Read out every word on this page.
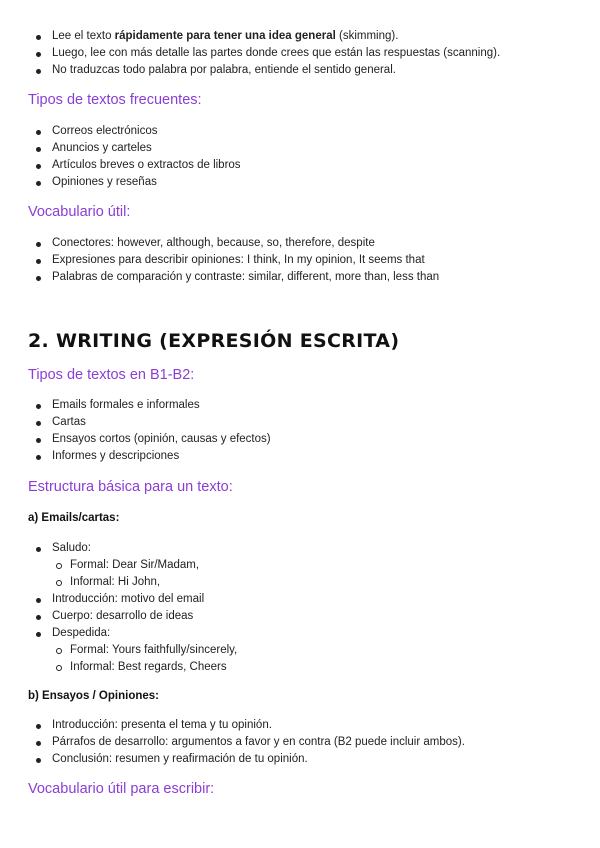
Lee el texto rápidamente para tener una idea general (skimming).
Luego, lee con más detalle las partes donde crees que están las respuestas (scanning).
No traduzcas todo palabra por palabra, entiende el sentido general.
Tipos de textos frecuentes:
Correos electrónicos
Anuncios y carteles
Artículos breves o extractos de libros
Opiniones y reseñas
Vocabulario útil:
Conectores: however, although, because, so, therefore, despite
Expresiones para describir opiniones: I think, In my opinion, It seems that
Palabras de comparación y contraste: similar, different, more than, less than
2. WRITING (EXPRESIÓN ESCRITA)
Tipos de textos en B1-B2:
Emails formales e informales
Cartas
Ensayos cortos (opinión, causas y efectos)
Informes y descripciones
Estructura básica para un texto:
a) Emails/cartas:
Saludo:
Formal: Dear Sir/Madam,
Informal: Hi John,
Introducción: motivo del email
Cuerpo: desarrollo de ideas
Despedida:
Formal: Yours faithfully/sincerely,
Informal: Best regards, Cheers
b) Ensayos / Opiniones:
Introducción: presenta el tema y tu opinión.
Párrafos de desarrollo: argumentos a favor y en contra (B2 puede incluir ambos).
Conclusión: resumen y reafirmación de tu opinión.
Vocabulario útil para escribir:
